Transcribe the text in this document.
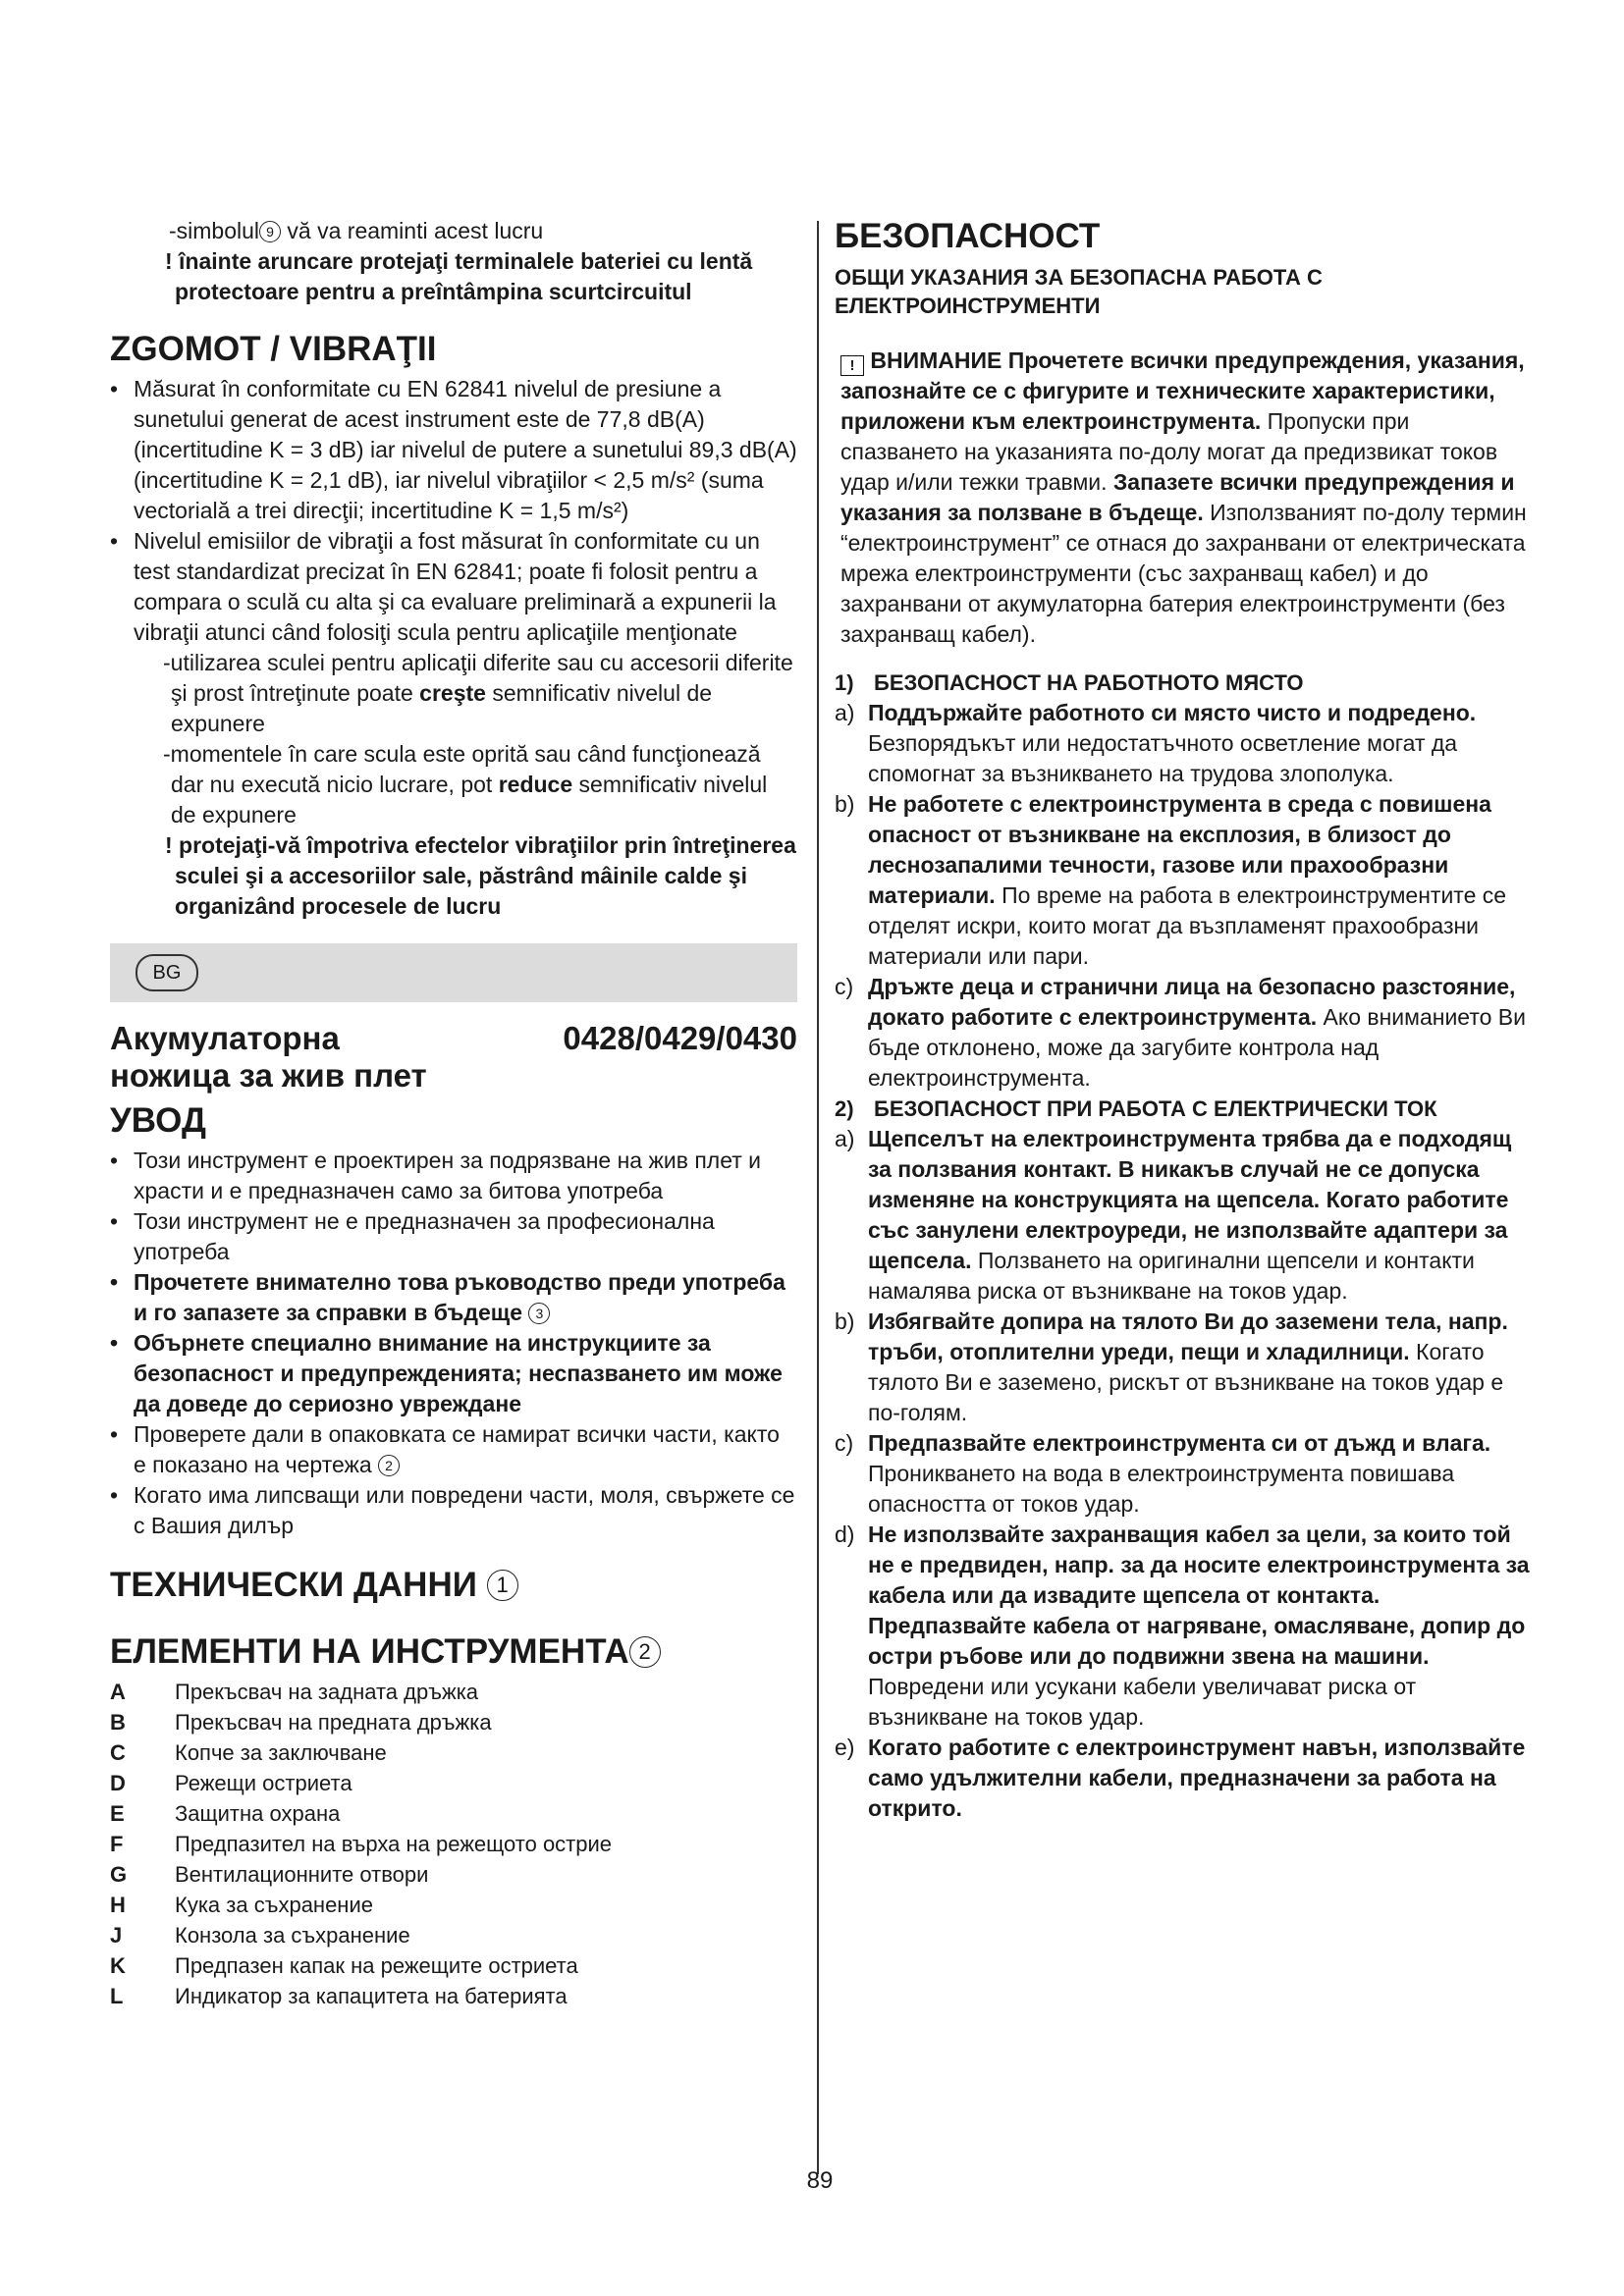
-simbolul 9 vă va reaminti acest lucru

! înainte aruncare protejaţi terminalele bateriei cu lentă protectoare pentru a preîntâmpina scurtcircuitul

ZGOMOT / VIBRAŢII

• Măsurat în conformitate cu EN 62841 nivelul de presiune a sunetului generat de acest instrument este de 77,8 dB(A) (incertitudine K = 3 dB) iar nivelul de putere a sunetului 89,3 dB(A) (incertitudine K = 2,1 dB), iar nivelul vibraţiilor < 2,5 m/s² (suma vectorială a trei direcţii; incertitudine K = 1,5 m/s²)
• Nivelul emisiilor de vibraţii a fost măsurat în conformitate cu un test standardizat precizat în EN 62841; poate fi folosit pentru a compara o sculă cu alta şi ca evaluare preliminară a expunerii la vibraţii atunci când folosiţi scula pentru aplicaţiile menţionate

-utilizarea sculei pentru aplicaţii diferite sau cu accesorii diferite şi prost întreţinute poate creşte semnificativ nivelul de expunere

-momentele în care scula este oprită sau când funcţionează dar nu execută nicio lucrare, pot reduce semnificativ nivelul de expunere

! protejaţi-vă împotriva efectelor vibraţiilor prin întreţinerea sculei şi a accesoriilor sale, păstrând mâinile calde şi organizând procesele de lucru

BG
Акумулаторна	0428/0429/0430
ножица за жив плет

УВОД

• Този инструмент е проектирен за подрязване на жив плет и храсти и е предназначен само за битова употреба
• Този инструмент не е предназначен за професионална употреба
• Прочетете внимателно това ръководство преди употреба и го запазете за справки в бъдеще 3
• Обърнете специално внимание на инструкциите за безопасност и предупрежденията; неспазването им може да доведе до сериозно увреждане
• Проверете дали в опаковката се намират всички части, както е показано на чертежа 2
• Когато има липсващи или повредени части, моля, свържете се с Вашия дилър

ТЕХНИЧЕСКИ ДАННИ 1

ЕЛЕМЕНТИ НА ИНСТРУМЕНТА 2

A	Прекъсвач на задната дръжка
B	Прекъсвач на предната дръжка
C	Копче за заключване
D	Режещи остриета
E	Защитна охрана
F	Предпазител на върха на режещото острие
G	Вентилационните отвори
H	Кука за съхранение
J	Конзола за съхранение
K	Предпазен капак на режещите остриета
L	Индикатор за капацитета на батерията

БЕЗОПАСНОСТ

ОБЩИ УКАЗАНИЯ ЗА БЕЗОПАСНА РАБОТА С ЕЛЕКТРОИНСТРУМЕНТИ

! ВНИМАНИЕ Прочетете всички предупреждения, указания, запознайте се с фигурите и техническите характеристики, приложени към електроинструмента. Пропуски при спазването на указанията по-долу могат да предизвикат токов удар и/или тежки травми. Запазете всички предупреждения и указания за ползване в бъдеще. Използваният по-долу термин “електроинструмент” се отнася до захранвани от електрическата мрежа електроинструменти (със захранващ кабел) и до захранвани от акумулаторна батерия електроинструменти (без захранващ кабел).

1) БЕЗОПАСНОСТ НА РАБОТНОТО МЯСТО
a) Поддържайте работното си място чисто и подредено. Безпорядъкът или недостатъчното осветление могат да спомогнат за възникването на трудова злополука.
b) Не работете с електроинструмента в среда с повишена опасност от възникване на експлозия, в близост до леснозапалими течности, газове или прахообразни материали. По време на работа в електроинструментите се отделят искри, които могат да възпламенят прахообразни материали или пари.
c) Дръжте деца и странични лица на безопасно разстояние, докато работите с електроинструмента. Ако вниманието Ви бъде отклонено, може да загубите контрола над електроинструмента.
2) БЕЗОПАСНОСТ ПРИ РАБОТА С ЕЛЕКТРИЧЕСКИ ТОК
a) Щепселът на електроинструмента трябва да е подходящ за ползвания контакт. В никакъв случай не се допуска изменяне на конструкцията на щепсела. Когато работите със занулени електроуреди, не използвайте адаптери за щепсела. Ползването на оригинални щепсели и контакти намалява риска от възникване на токов удар.
b) Избягвайте допира на тялото Ви до заземени тела, напр. тръби, отоплителни уреди, пещи и хладилници. Когато тялото Ви е заземено, рискът от възникване на токов удар е по-голям.
c) Предпазвайте електроинструмента си от дъжд и влага. Проникването на вода в електроинструмента повишава опасността от токов удар.
d) Не използвайте захранващия кабел за цели, за които той не е предвиден, напр. за да носите електроинструмента за кабела или да извадите щепсела от контакта. Предпазвайте кабела от нагряване, омасляване, допир до остри ръбове или до подвижни звена на машини. Повредени или усукани кабели увеличават риска от възникване на токов удар.
e) Когато работите с електроинструмент навън, използвайте само удължителни кабели, предназначени за работа на открито.
89
